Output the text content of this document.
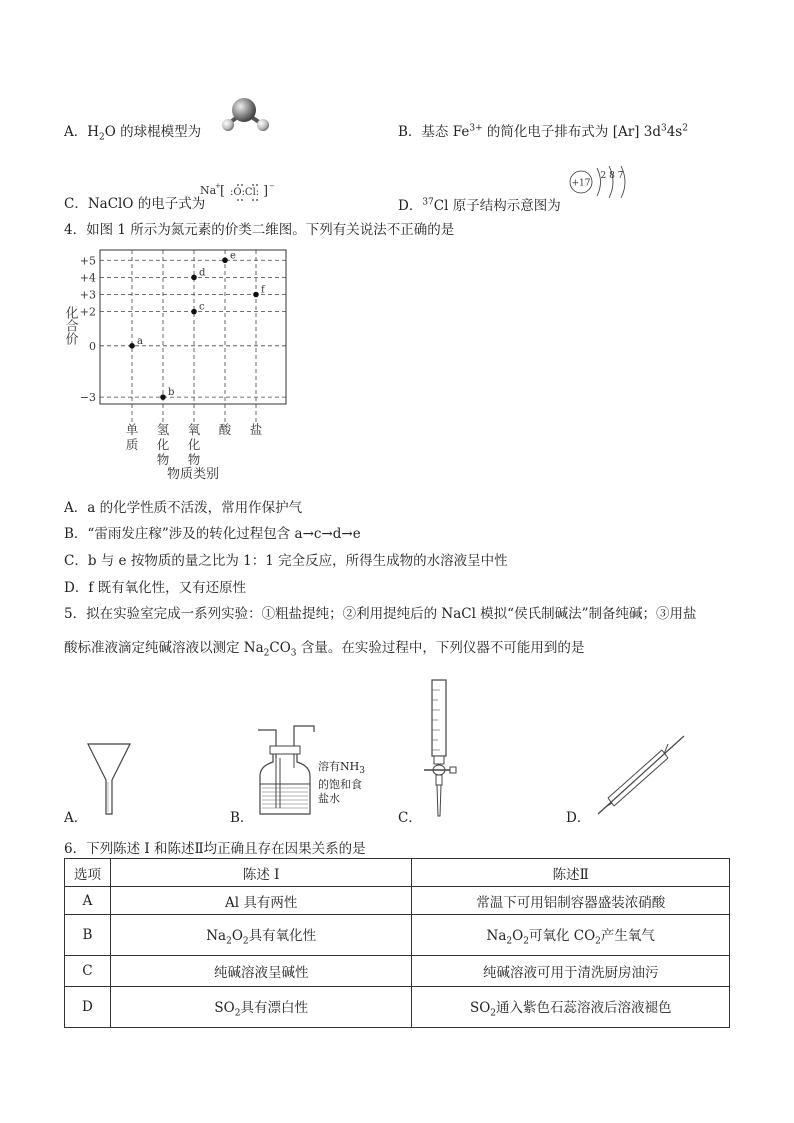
A．$H_2O$ 的球棍模型为	B．基态 $Fe^{3+}$ 的简化电子排布式为 [Ar] $3d^34s^2$
C．NaClO 的电子式为
Na
+ [ :O:Cl: ] −
D．$^{37}$Cl 原子结构示意图为
+17
2 8 7
4．如图 1 所示为氮元素的价类二维图。下列有关说法不正确的是
+5
+4
+3
+2
0
−3
单
质
氢
化
物
氧
化
物
酸 盐
a
b
c
d
e
f
化合价
物质类别
A．a 的化学性质不活泼，常用作保护气
B．“雷雨发庄稼”涉及的转化过程包含 a→c→d→e
C．b 与 e 按物质的量之比为 1：1 完全反应，所得生成物的水溶液呈中性
D．f 既有氧化性，又有还原性
5．拟在实验室完成一系列实验：①粗盐提纯；②利用提纯后的 NaCl 模拟“侯氏制碱法”制备纯碱；③用盐
酸标准液滴定纯碱溶液以测定 $Na_2CO_3$ 含量。在实验过程中，下列仪器不可能用到的是
A．
溶有$NH_3$
的饱和食
盐水
B．	C．	D．
6．下列陈述 I 和陈述Ⅱ均正确且存在因果关系的是
选项	陈述 I	陈述Ⅱ
A	Al 具有两性	常温下可用铝制容器盛装浓硝酸
B	$Na_2O_2$具有氧化性	$Na_2O_2$可氧化 $CO_2$产生氧气
C	纯碱溶液呈碱性	纯碱溶液可用于清洗厨房油污
D	$SO_2$具有漂白性	$SO_2$通入紫色石蕊溶液后溶液褪色
